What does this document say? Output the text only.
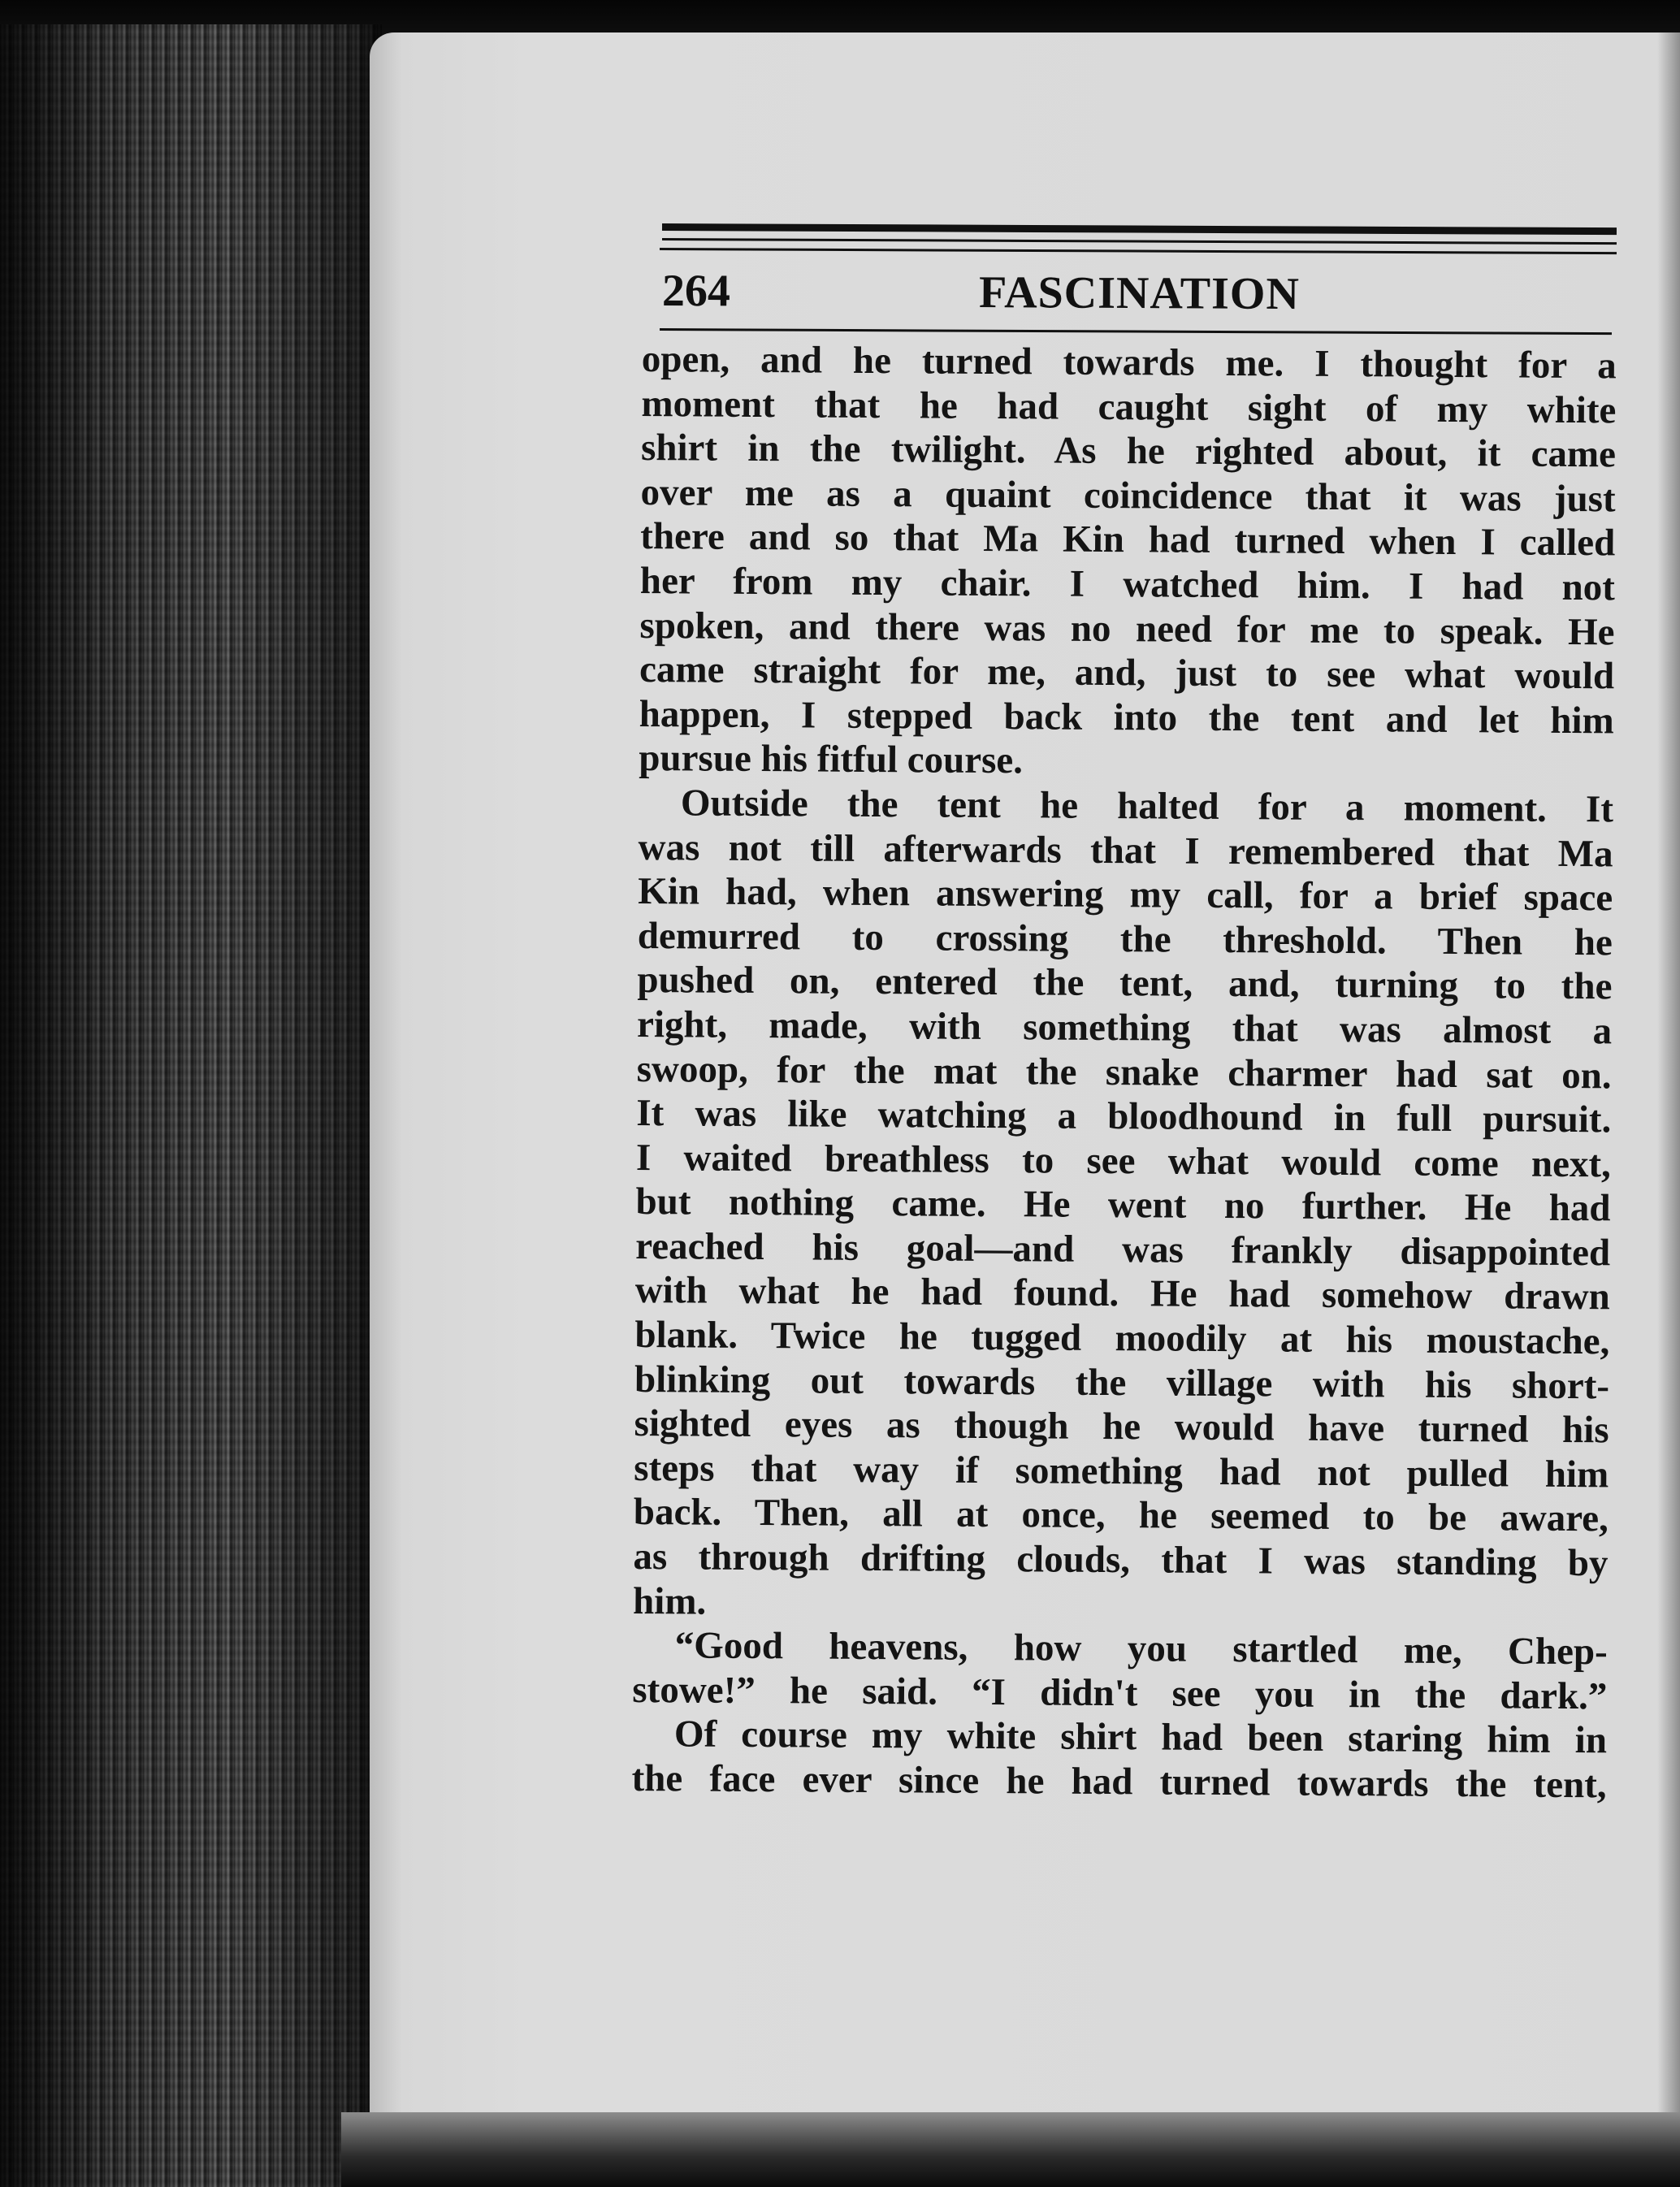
264	FASCINATION
open, and he turned towards me. I thought for a
moment that he had caught sight of my white
shirt in the twilight. As he righted about, it came
over me as a quaint coincidence that it was just
there and so that Ma Kin had turned when I called
her from my chair. I watched him. I had not
spoken, and there was no need for me to speak. He
came straight for me, and, just to see what would
happen, I stepped back into the tent and let him
pursue his fitful course.
Outside the tent he halted for a moment. It
was not till afterwards that I remembered that Ma
Kin had, when answering my call, for a brief space
demurred to crossing the threshold. Then he
pushed on, entered the tent, and, turning to the
right, made, with something that was almost a
swoop, for the mat the snake charmer had sat on.
It was like watching a bloodhound in full pursuit.
I waited breathless to see what would come next,
but nothing came. He went no further. He had
reached his goal—and was frankly disappointed
with what he had found. He had somehow drawn
blank. Twice he tugged moodily at his moustache,
blinking out towards the village with his short-
sighted eyes as though he would have turned his
steps that way if something had not pulled him
back. Then, all at once, he seemed to be aware,
as through drifting clouds, that I was standing by
him.
“Good heavens, how you startled me, Chep-
stowe!” he said. “I didn't see you in the dark.”
Of course my white shirt had been staring him in
the face ever since he had turned towards the tent,
